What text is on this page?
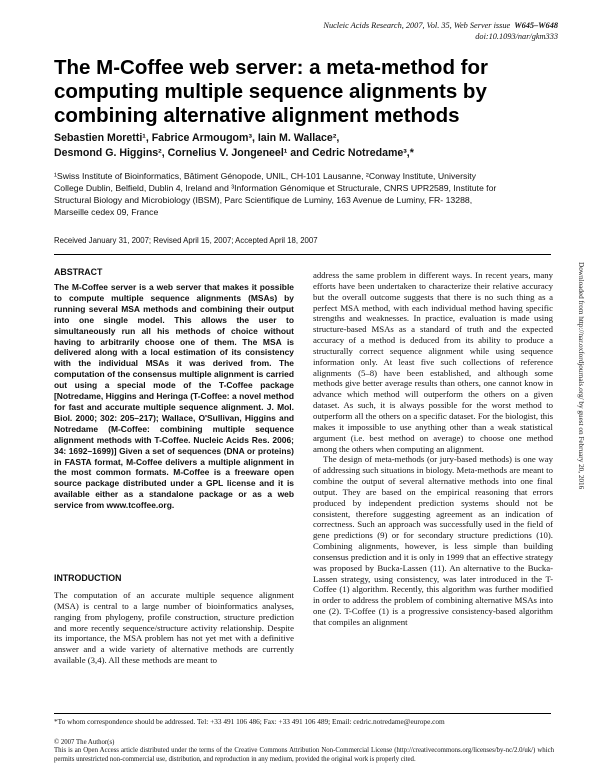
Nucleic Acids Research, 2007, Vol. 35, Web Server issue W645–W648
doi:10.1093/nar/gkm333
The M-Coffee web server: a meta-method for
computing multiple sequence alignments by
combining alternative alignment methods
Sebastien Moretti¹, Fabrice Armougom³, Iain M. Wallace²,
Desmond G. Higgins², Cornelius V. Jongeneel¹ and Cedric Notredame³,*
¹Swiss Institute of Bioinformatics, Bâtiment Génopode, UNIL, CH-101 Lausanne, ²Conway Institute, University
College Dublin, Belfield, Dublin 4, Ireland and ³Information Génomique et Structurale, CNRS UPR2589, Institute for
Structural Biology and Microbiology (IBSM), Parc Scientifique de Luminy, 163 Avenue de Luminy, FR- 13288,
Marseille cedex 09, France
Received January 31, 2007; Revised April 15, 2007; Accepted April 18, 2007
ABSTRACT
The M-Coffee server is a web server that makes it possible to compute multiple sequence alignments (MSAs) by running several MSA methods and combining their output into one single model. This allows the user to simultaneously run all his methods of choice without having to arbitrarily choose one of them. The MSA is delivered along with a local estimation of its consistency with the individual MSAs it was derived from. The computation of the consensus multiple alignment is carried out using a special mode of the T-Coffee package [Notredame, Higgins and Heringa (T-Coffee: a novel method for fast and accurate multiple sequence alignment. J. Mol. Biol. 2000; 302: 205–217); Wallace, O'Sullivan, Higgins and Notredame (M-Coffee: combining multiple sequence alignment methods with T-Coffee. Nucleic Acids Res. 2006; 34: 1692–1699)] Given a set of sequences (DNA or proteins) in FASTA format, M-Coffee delivers a multiple alignment in the most common formats. M-Coffee is a freeware open source package distributed under a GPL license and it is available either as a standalone package or as a web service from www.tcoffee.org.
INTRODUCTION

The computation of an accurate multiple sequence alignment (MSA) is central to a large number of bioinformatics analyses, ranging from phylogeny, profile construction, structure prediction and more recently sequence/structure activity relationship. Despite its importance, the MSA problem has not yet met with a definitive answer and a wide variety of alternative methods are currently available (3,4). All these methods are meant to

address the same problem in different ways. In recent years, many efforts have been undertaken to characterize their relative accuracy but the overall outcome suggests that there is no such thing as a perfect MSA method, with each individual method having specific strengths and weaknesses. In practice, evaluation is made using structure-based MSAs as a standard of truth and the expected accuracy of a method is deduced from its ability to produce a structurally correct sequence alignment while using sequence information only. At least five such collections of reference alignments (5–8) have been established, and although some methods give better average results than others, one cannot know in advance which method will outperform the others on a given dataset. As such, it is always possible for the worst method to outperform all the others on a specific dataset. For the biologist, this makes it impossible to use anything other than a weak statistical argument (i.e. best method on average) to choose one method among the others when computing an alignment.

The design of meta-methods (or jury-based methods) is one way of addressing such situations in biology. Meta-methods are meant to combine the output of several alternative methods into one final output. They are based on the empirical reasoning that errors produced by independent prediction systems should not be consistent, therefore suggesting agreement as an indication of correctness. Such an approach was successfully used in the field of gene predictions (9) or for secondary structure predictions (10). Combining alignments, however, is less simple than building consensus prediction and it is only in 1999 that an effective strategy was proposed by Bucka-Lassen (11). An alternative to the Bucka-Lassen strategy, using consistency, was later introduced in the T-Coffee (1) algorithm. Recently, this algorithm was further modified in order to address the problem of combining alternative MSAs into one (2). T-Coffee (1) is a progressive consistency-based algorithm that compiles an alignment

Downloaded from http://nar.oxfordjournals.org/ by guest on February 20, 2016
*To whom correspondence should be addressed. Tel: +33 491 106 486; Fax: +33 491 106 489; Email: cedric.notredame@europe.com
© 2007 The Author(s)
This is an Open Access article distributed under the terms of the Creative Commons Attribution Non-Commercial License (http://creativecommons.org/licenses/by-nc/2.0/uk/) which permits unrestricted non-commercial use, distribution, and reproduction in any medium, provided the original work is properly cited.
